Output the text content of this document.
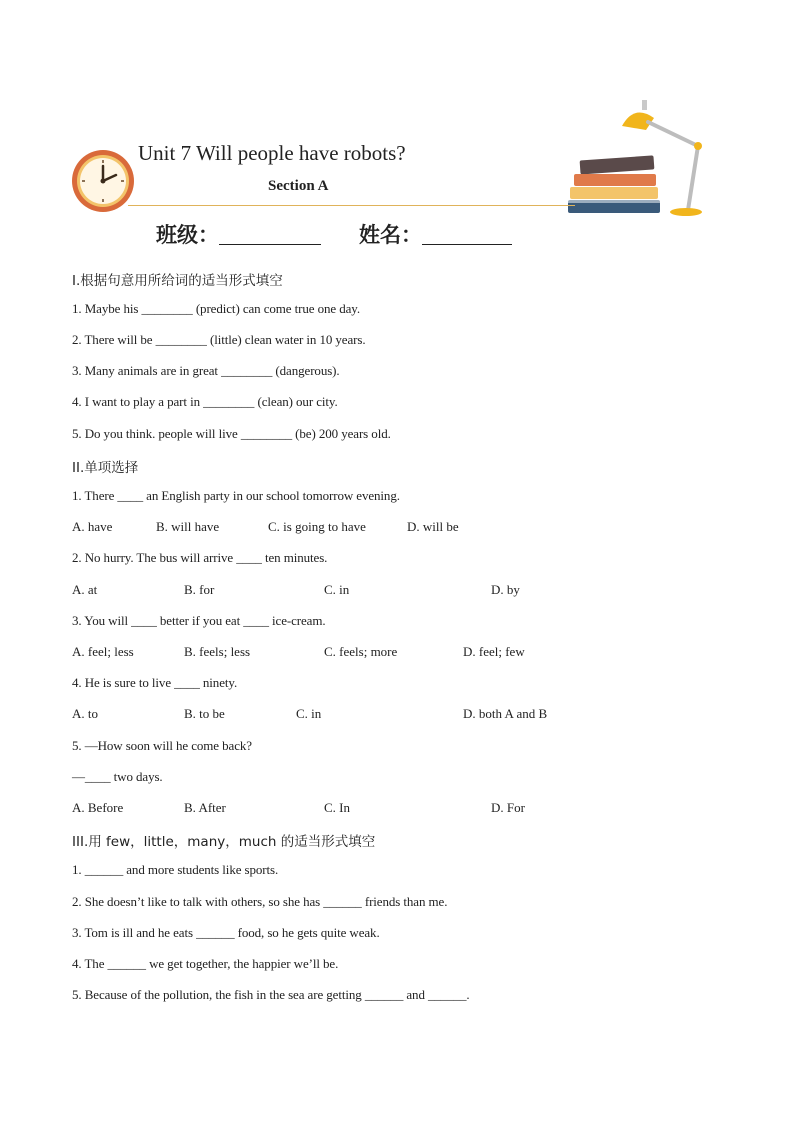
Unit 7 Will people have robots?
Section A
班级：	姓名：
I.根据句意用所给词的适当形式填空
1. Maybe his ________ (predict) can come true one day.
2. There will be ________ (little) clean water in 10 years.
3. Many animals are in great ________ (dangerous).
4. I want to play a part in ________ (clean) our city.
5. Do you think. people will live ________ (be) 200 years old.
II.单项选择
1. There ____ an English party in our school tomorrow evening.
A. have	B. will have	C. is going to have	D. will be
2. No hurry. The bus will arrive ____ ten minutes.
A. at	B. for	C. in	D. by
3. You will ____ better if you eat ____ ice-cream.
A. feel; less	B. feels; less	C. feels; more	D. feel; few
4. He is sure to live ____ ninety.
A. to	B. to be	C. in	D. both A and B
5. —How soon will he come back?
—____ two days.
A. Before	B. After	C. In	D. For
III.用 few，little，many，much 的适当形式填空
1. ______ and more students like sports.
2. She doesn’t like to talk with others, so she has ______ friends than me.
3. Tom is ill and he eats ______ food, so he gets quite weak.
4. The ______ we get together, the happier we’ll be.
5. Because of the pollution, the fish in the sea are getting ______ and ______.
